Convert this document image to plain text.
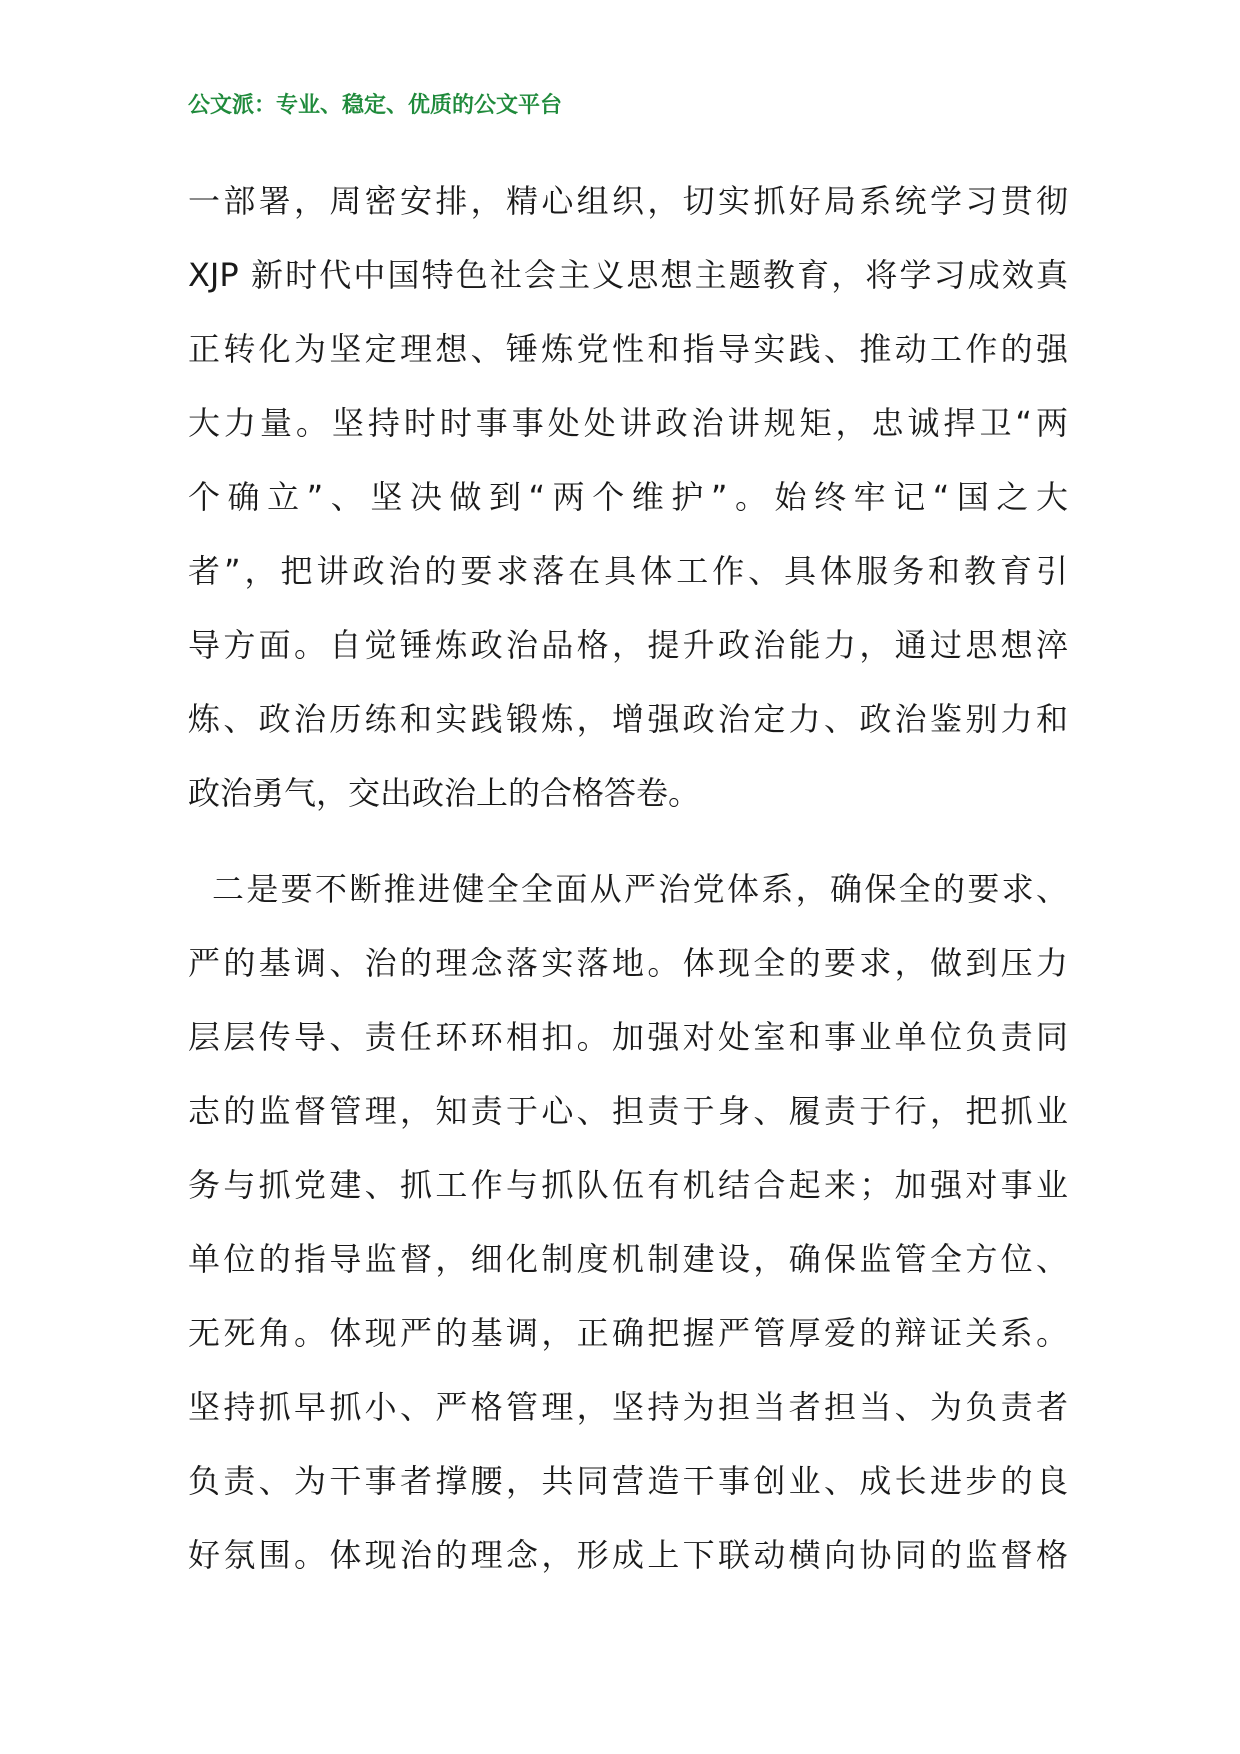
公文派：专业、稳定、优质的公文平台
一部署，周密安排，精心组织，切实抓好局系统学习贯彻
XJP 新时代中国特色社会主义思想主题教育，将学习成效真
正转化为坚定理想、锤炼党性和指导实践、推动工作的强
大力量。坚持时时事事处处讲政治讲规矩，忠诚捍卫“两
个确立”、坚决做到“两个维护”。始终牢记“国之大
者”，把讲政治的要求落在具体工作、具体服务和教育引
导方面。自觉锤炼政治品格，提升政治能力，通过思想淬
炼、政治历练和实践锻炼，增强政治定力、政治鉴别力和
政治勇气，交出政治上的合格答卷。
二是要不断推进健全全面从严治党体系，确保全的要求、
严的基调、治的理念落实落地。体现全的要求，做到压力
层层传导、责任环环相扣。加强对处室和事业单位负责同
志的监督管理，知责于心、担责于身、履责于行，把抓业
务与抓党建、抓工作与抓队伍有机结合起来；加强对事业
单位的指导监督，细化制度机制建设，确保监管全方位、
无死角。体现严的基调，正确把握严管厚爱的辩证关系。
坚持抓早抓小、严格管理，坚持为担当者担当、为负责者
负责、为干事者撑腰，共同营造干事创业、成长进步的良
好氛围。体现治的理念，形成上下联动横向协同的监督格
